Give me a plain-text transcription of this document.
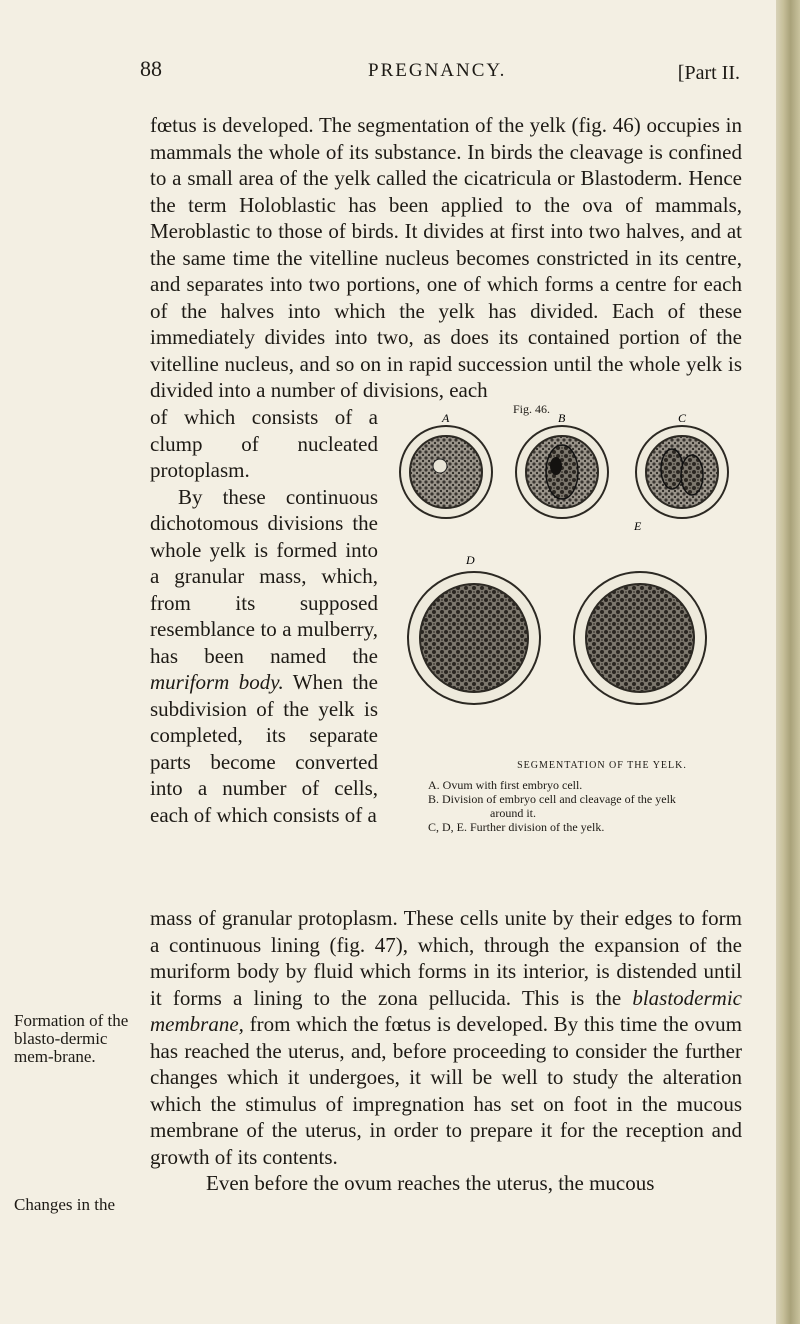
88	PREGNANCY.	[Part II.

fœtus is developed. The segmentation of the yelk (fig. 46) occupies in mammals the whole of its substance. In birds the cleavage is confined to a small area of the yelk called the cicatricula or Blastoderm. Hence the term Holoblastic has been applied to the ova of mammals, Meroblastic to those of birds. It divides at first into two halves, and at the same time the vitelline nucleus becomes constricted in its centre, and separates into two portions, one of which forms a centre for each of the halves into which the yelk has divided. Each of these immediately divides into two, as does its contained portion of the vitelline nucleus, and so on in rapid succession until the whole yelk is divided into a number of divisions, each

of which consists of a clump of nucleated protoplasm.

By these continuous dichotomous divisions the whole yelk is formed into a granular mass, which, from its supposed resemblance to a mulberry, has been named the muriform body. When the subdivision of the yelk is completed, its separate parts become converted into a number of cells, each of which consists of a

Fig. 46.
A	B	C
D
E
SEGMENTATION OF THE YELK.
A. Ovum with first embryo cell.
B. Division of embryo cell and cleavage of the yelk
around it.
C, D, E. Further division of the yelk.

mass of granular protoplasm. These cells unite by their edges to form a continuous lining (fig. 47), which, through the expansion of the muriform body by fluid which forms in its interior, is distended until it forms a lining to the zona pellucida. This is the blastodermic membrane, from which the fœtus is developed. By this time the ovum has reached the uterus, and, before proceeding to consider the further changes which it undergoes, it will be well to study the alteration which the stimulus of impregnation has set on foot in the mucous membrane of the uterus, in order to prepare it for the reception and growth of its contents.

Even before the ovum reaches the uterus, the mucous

Formation of the blasto-dermic mem-brane.
Changes in the
